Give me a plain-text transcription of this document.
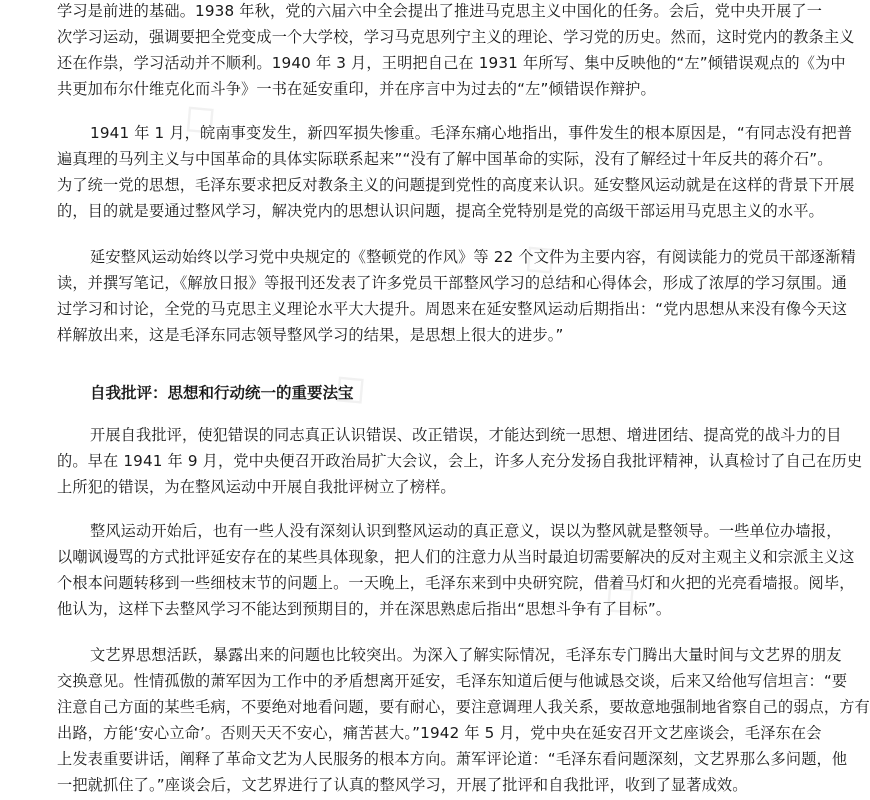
◇
◇
◇
◇
学习是前进的基础。1938 年秋，党的六届六中全会提出了推进马克思主义中国化的任务。会后，党中央开展了一
次学习运动，强调要把全党变成一个大学校，学习马克思列宁主义的理论、学习党的历史。然而，这时党内的教条主义
还在作祟，学习活动并不顺利。1940 年 3 月，王明把自己在 1931 年所写、集中反映他的“左”倾错误观点的《为中
共更加布尔什维克化而斗争》一书在延安重印，并在序言中为过去的“左”倾错误作辩护。
1941 年 1 月，皖南事变发生，新四军损失惨重。毛泽东痛心地指出，事件发生的根本原因是，“有同志没有把普
遍真理的马列主义与中国革命的具体实际联系起来”“没有了解中国革命的实际，没有了解经过十年反共的蒋介石”。
为了统一党的思想，毛泽东要求把反对教条主义的问题提到党性的高度来认识。延安整风运动就是在这样的背景下开展
的，目的就是要通过整风学习，解决党内的思想认识问题，提高全党特别是党的高级干部运用马克思主义的水平。
延安整风运动始终以学习党中央规定的《整顿党的作风》等 22 个文件为主要内容，有阅读能力的党员干部逐渐精
读，并撰写笔记，《解放日报》等报刊还发表了许多党员干部整风学习的总结和心得体会，形成了浓厚的学习氛围。通
过学习和讨论，全党的马克思主义理论水平大大提升。周恩来在延安整风运动后期指出：“党内思想从来没有像今天这
样解放出来，这是毛泽东同志领导整风学习的结果，是思想上很大的进步。”
自我批评：思想和行动统一的重要法宝
开展自我批评，使犯错误的同志真正认识错误、改正错误，才能达到统一思想、增进团结、提高党的战斗力的目
的。早在 1941 年 9 月，党中央便召开政治局扩大会议，会上，许多人充分发扬自我批评精神，认真检讨了自己在历史
上所犯的错误，为在整风运动中开展自我批评树立了榜样。
整风运动开始后，也有一些人没有深刻认识到整风运动的真正意义，误以为整风就是整领导。一些单位办墙报，
以嘲讽谩骂的方式批评延安存在的某些具体现象，把人们的注意力从当时最迫切需要解决的反对主观主义和宗派主义这
个根本问题转移到一些细枝末节的问题上。一天晚上，毛泽东来到中央研究院，借着马灯和火把的光亮看墙报。阅毕，
他认为，这样下去整风学习不能达到预期目的，并在深思熟虑后指出“思想斗争有了目标”。
文艺界思想活跃，暴露出来的问题也比较突出。为深入了解实际情况，毛泽东专门腾出大量时间与文艺界的朋友
交换意见。性情孤傲的萧军因为工作中的矛盾想离开延安，毛泽东知道后便与他诚恳交谈，后来又给他写信坦言：“要
注意自己方面的某些毛病，不要绝对地看问题，要有耐心，要注意调理人我关系，要故意地强制地省察自己的弱点，方有
出路，方能‘安心立命’。否则天天不安心，痛苦甚大。”1942 年 5 月，党中央在延安召开文艺座谈会，毛泽东在会
上发表重要讲话，阐释了革命文艺为人民服务的根本方向。萧军评论道：“毛泽东看问题深刻，文艺界那么多问题，他
一把就抓住了。”座谈会后，文艺界进行了认真的整风学习，开展了批评和自我批评，收到了显著成效。
